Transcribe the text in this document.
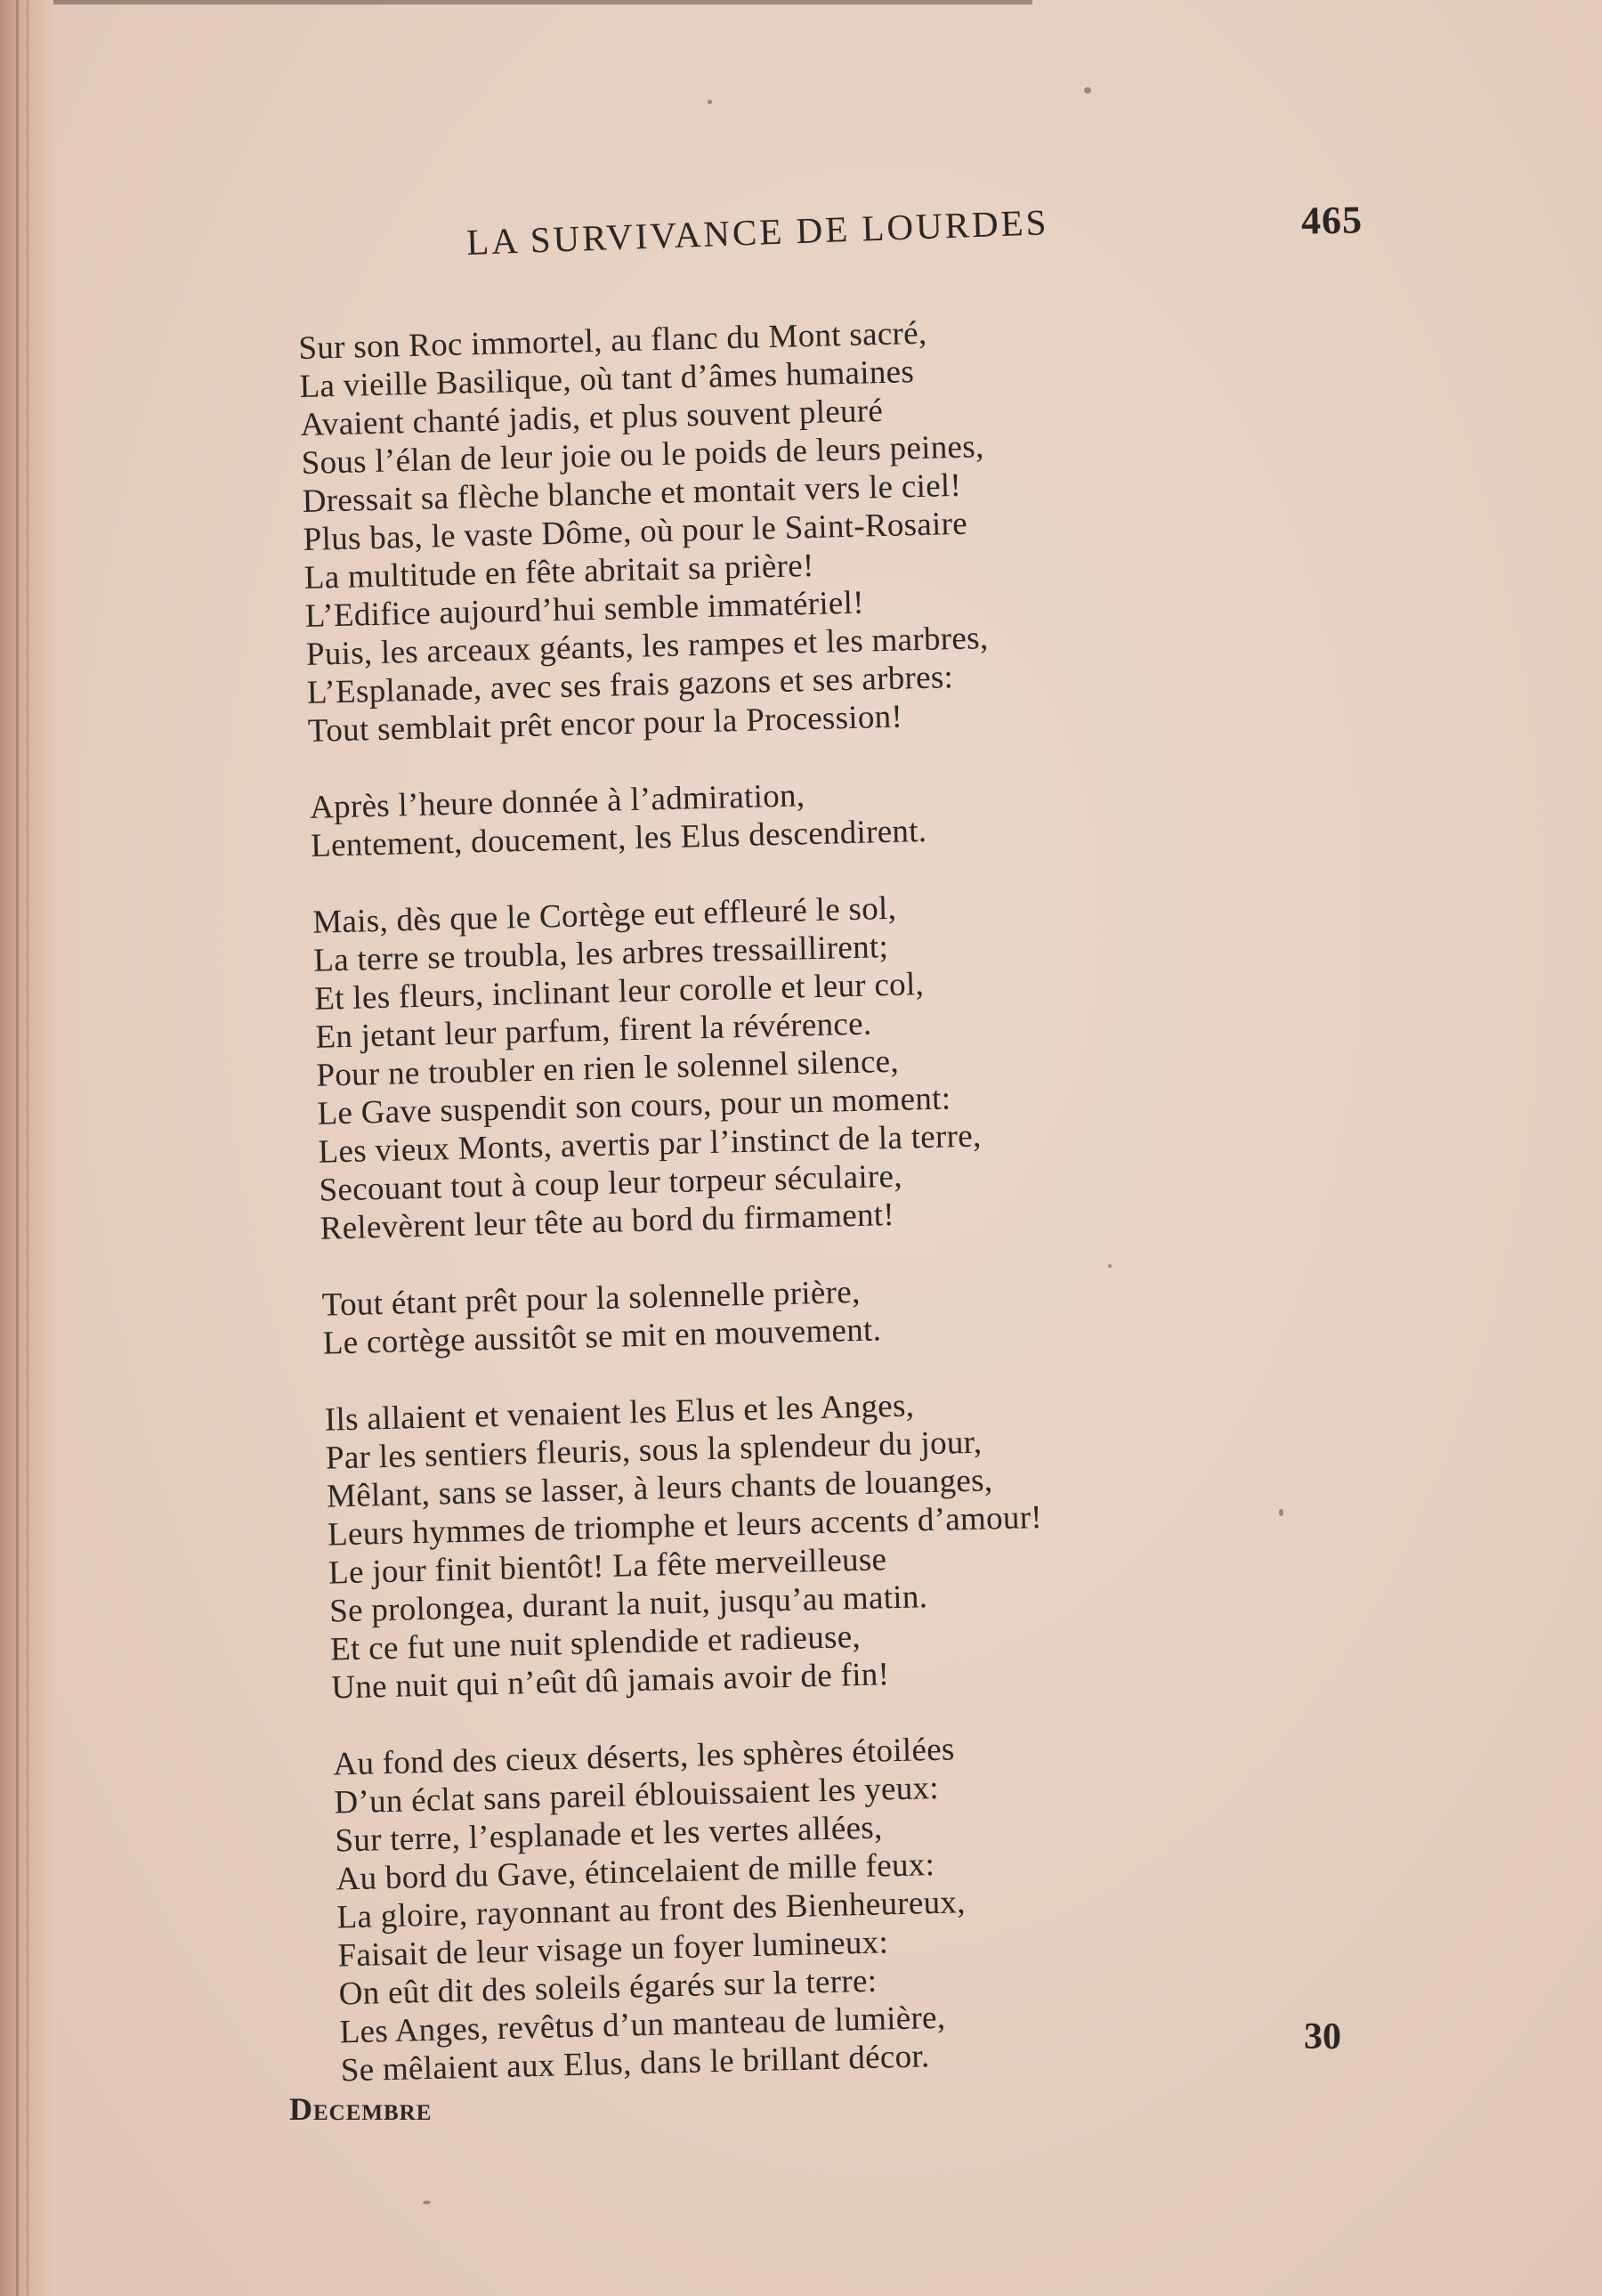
465
LA SURVIVANCE DE LOURDES
Sur son Roc immortel, au flanc du Mont sacré,
La vieille Basilique, où tant d’âmes humaines
Avaient chanté jadis, et plus souvent pleuré
Sous l’élan de leur joie ou le poids de leurs peines,
Dressait sa flèche blanche et montait vers le ciel!
Plus bas, le vaste Dôme, où pour le Saint-Rosaire
La multitude en fête abritait sa prière!
L’Edifice aujourd’hui semble immatériel!
Puis, les arceaux géants, les rampes et les marbres,
L’Esplanade, avec ses frais gazons et ses arbres:
Tout semblait prêt encor pour la Procession!
Après l’heure donnée à l’admiration,
Lentement, doucement, les Elus descendirent.
Mais, dès que le Cortège eut effleuré le sol,
La terre se troubla, les arbres tressaillirent;
Et les fleurs, inclinant leur corolle et leur col,
En jetant leur parfum, firent la révérence.
Pour ne troubler en rien le solennel silence,
Le Gave suspendit son cours, pour un moment:
Les vieux Monts, avertis par l’instinct de la terre,
Secouant tout à coup leur torpeur séculaire,
Relevèrent leur tête au bord du firmament!
Tout étant prêt pour la solennelle prière,
Le cortège aussitôt se mit en mouvement.
Ils allaient et venaient les Elus et les Anges,
Par les sentiers fleuris, sous la splendeur du jour,
Mêlant, sans se lasser, à leurs chants de louanges,
Leurs hymmes de triomphe et leurs accents d’amour!
Le jour finit bientôt! La fête merveilleuse
Se prolongea, durant la nuit, jusqu’au matin.
Et ce fut une nuit splendide et radieuse,
Une nuit qui n’eût dû jamais avoir de fin!
Au fond des cieux déserts, les sphères étoilées
D’un éclat sans pareil éblouissaient les yeux:
Sur terre, l’esplanade et les vertes allées,
Au bord du Gave, étincelaient de mille feux:
La gloire, rayonnant au front des Bienheureux,
Faisait de leur visage un foyer lumineux:
On eût dit des soleils égarés sur la terre:
Les Anges, revêtus d’un manteau de lumière,
Se mêlaient aux Elus, dans le brillant décor.
30
Decembre
